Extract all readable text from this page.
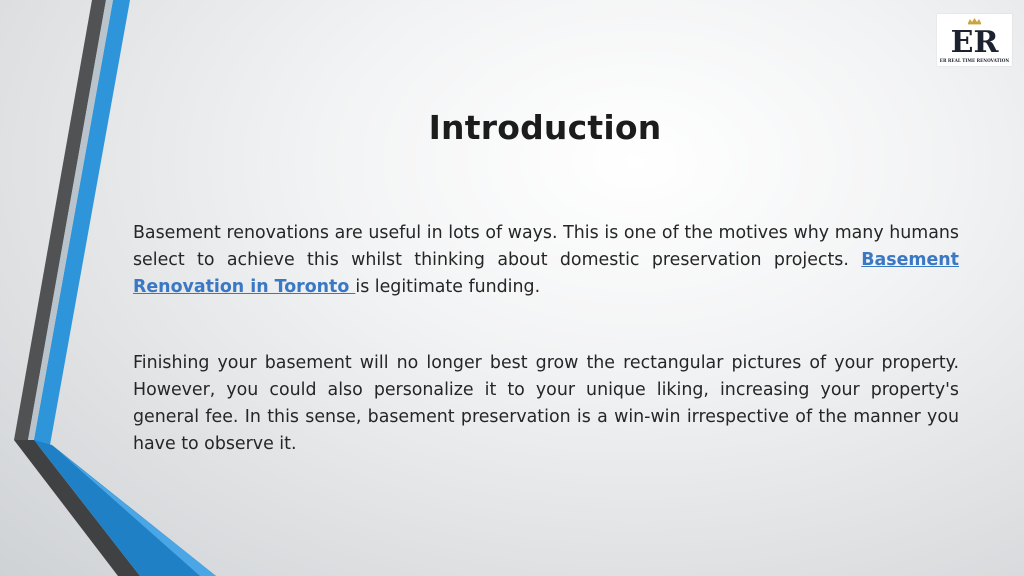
ER
ER REAL TIME RENOVATION
Introduction
Basement renovations are useful in lots of ways. This is one of the motives why many humans select to achieve this whilst thinking about domestic preservation projects. Basement Renovation in Toronto is legitimate funding.
Finishing your basement will no longer best grow the rectangular pictures of your property. However, you could also personalize it to your unique liking, increasing your property's general fee. In this sense, basement preservation is a win-win irrespective of the manner you have to observe it.
